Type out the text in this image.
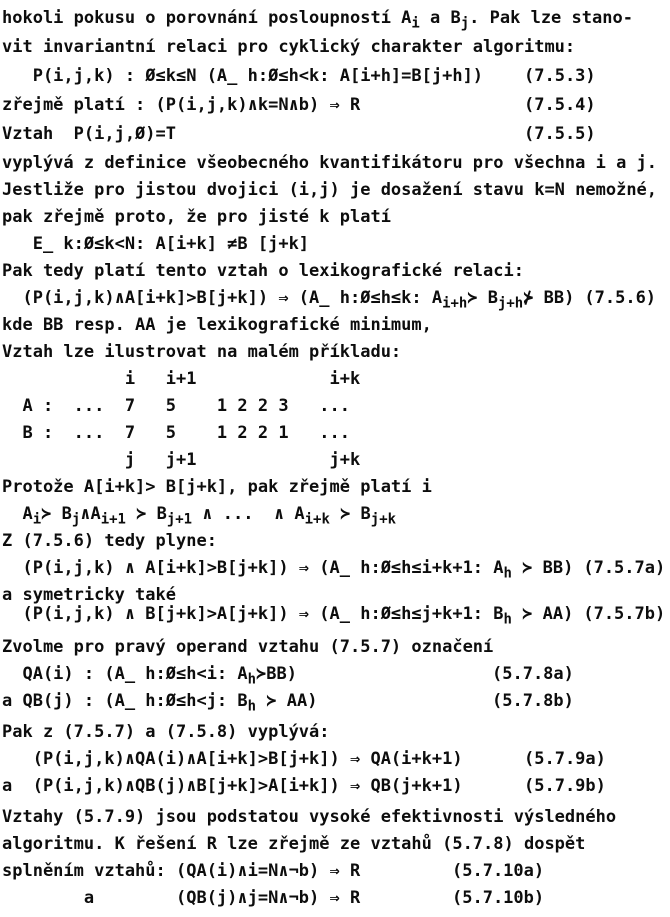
hokoli pokusu o porovnání posloupností $A_i$ a $B_j$. Pak lze stano-
vit invariantní relaci pro cyklický charakter algoritmu:
P(i,j,k) : Ø≤k≤N (A̲ h:Ø≤h<k: A[i+h]=B[j+h]) (7.5.3)
zřejmě platí : (P(i,j,k)∧k=N∧b) ⇒ R	(7.5.4)
Vztah  P(i,j,Ø)=T	(7.5.5)
vyplývá z definice všeobecného kvantifikátoru pro všechna i a j.
Jestliže pro jistou dvojici (i,j) je dosažení stavu k=N nemožné,
pak zřejmě proto, že pro jisté k platí
E̲ k:Ø≤k<N: A[i+k] ≠B [j+k]
Pak tedy platí tento vztah o lexikografické relaci:
(P(i,j,k)∧A[i+k]>B[j+k]) ⇒ (A̲ h:Ø≤h≤k: $A_{i+h}≻$ $B_{j+h}⊁$ BB) (7.5.6)
kde BB resp. AA je lexikografické minimum,
Vztah lze ilustrovat na malém příkladu:
i   i+1             i+k
A :  ...  7   5    1 2 2 3   ...
B :  ...  7   5    1 2 2 1   ...
j   j+1             j+k
Protože A[i+k]> B[j+k], pak zřejmě platí i
$A_i≻$ $B_j\wedge A_{i+1}$ ≻ $B_{j+1}$ ∧ ...  ∧ $A_{i+k}$ ≻ $B_{j+k}$
Z (7.5.6) tedy plyne:
(P(i,j,k) ∧ A[i+k]>B[j+k]) ⇒ (A̲ h:Ø≤h≤i+k+1: $A_h$ ≻ BB) (7.5.7a)
a symetricky také
(P(i,j,k) ∧ B[j+k]>A[j+k]) ⇒ (A̲ h:Ø≤h≤j+k+1: $B_h$ ≻ AA) (7.5.7b)
Zvolme pro pravý operand vztahu (7.5.7) označení
QA(i) : (A̲ h:Ø≤h<i: $A_h≻BB$)	(5.7.8a)
a QB(j) : (A̲ h:Ø≤h<j: $B_h$ ≻ AA)	(5.7.8b)
Pak z (7.5.7) a (7.5.8) vyplývá:
(P(i,j,k)∧QA(i)∧A[i+k]>B[j+k]) ⇒ QA(i+k+1)	(5.7.9a)
a  (P(i,j,k)∧QB(j)∧B[j+k]>A[i+k]) ⇒ QB(j+k+1)	(5.7.9b)
Vztahy (5.7.9) jsou podstatou vysoké efektivnosti výsledného
algoritmu. K řešení R lze zřejmě ze vztahů (5.7.8) dospět
splněním vztahů: (QA(i)∧i=N∧¬b) ⇒ R	(5.7.10a)
a        (QB(j)∧j=N∧¬b) ⇒ R	(5.7.10b)
